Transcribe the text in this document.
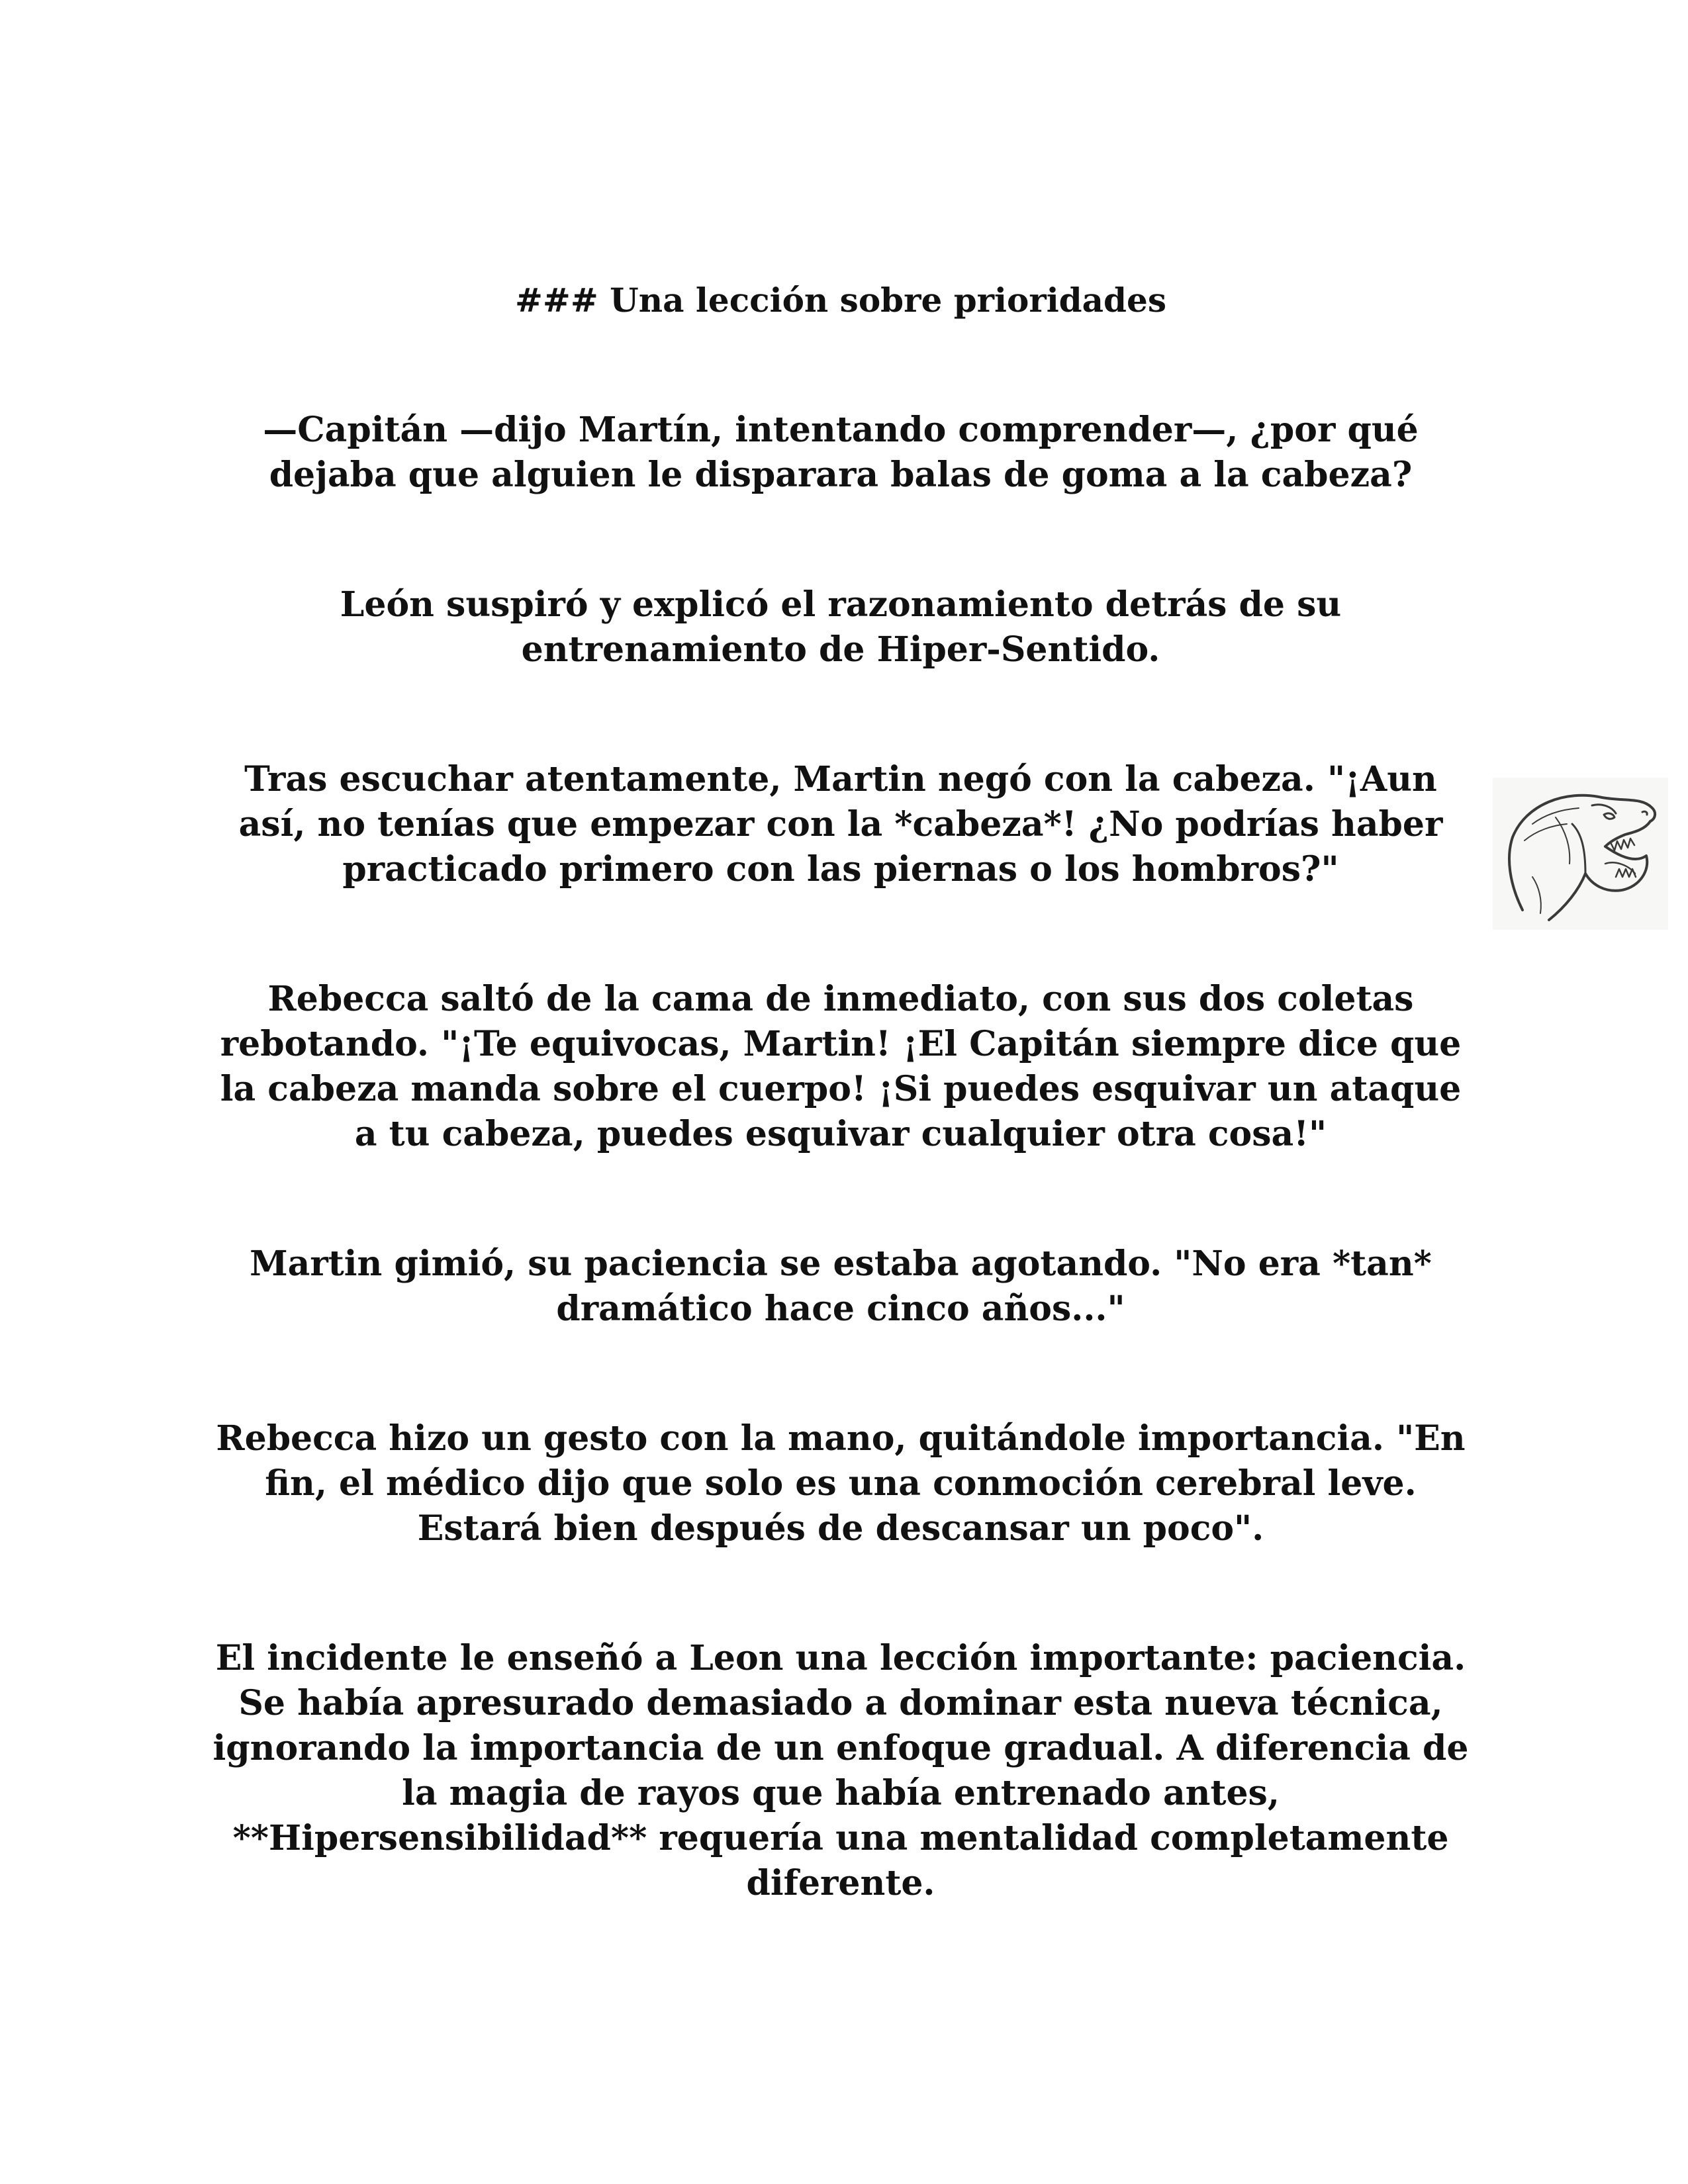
### Una lección sobre prioridades
—Capitán —dijo Martín, intentando comprender—, ¿por qué dejaba que alguien le disparara balas de goma a la cabeza?
León suspiró y explicó el razonamiento detrás de su entrenamiento de Hiper-Sentido.
Tras escuchar atentamente, Martin negó con la cabeza. "¡Aun así, no tenías que empezar con la *cabeza*! ¿No podrías haber practicado primero con las piernas o los hombros?"
Rebecca saltó de la cama de inmediato, con sus dos coletas rebotando. "¡Te equivocas, Martin! ¡El Capitán siempre dice que la cabeza manda sobre el cuerpo! ¡Si puedes esquivar un ataque a tu cabeza, puedes esquivar cualquier otra cosa!"
Martin gimió, su paciencia se estaba agotando. "No era *tan* dramático hace cinco años..."
Rebecca hizo un gesto con la mano, quitándole importancia. "En fin, el médico dijo que solo es una conmoción cerebral leve. Estará bien después de descansar un poco".
El incidente le enseñó a Leon una lección importante: paciencia. Se había apresurado demasiado a dominar esta nueva técnica, ignorando la importancia de un enfoque gradual. A diferencia de la magia de rayos que había entrenado antes, **Hipersensibilidad** requería una mentalidad completamente diferente.
